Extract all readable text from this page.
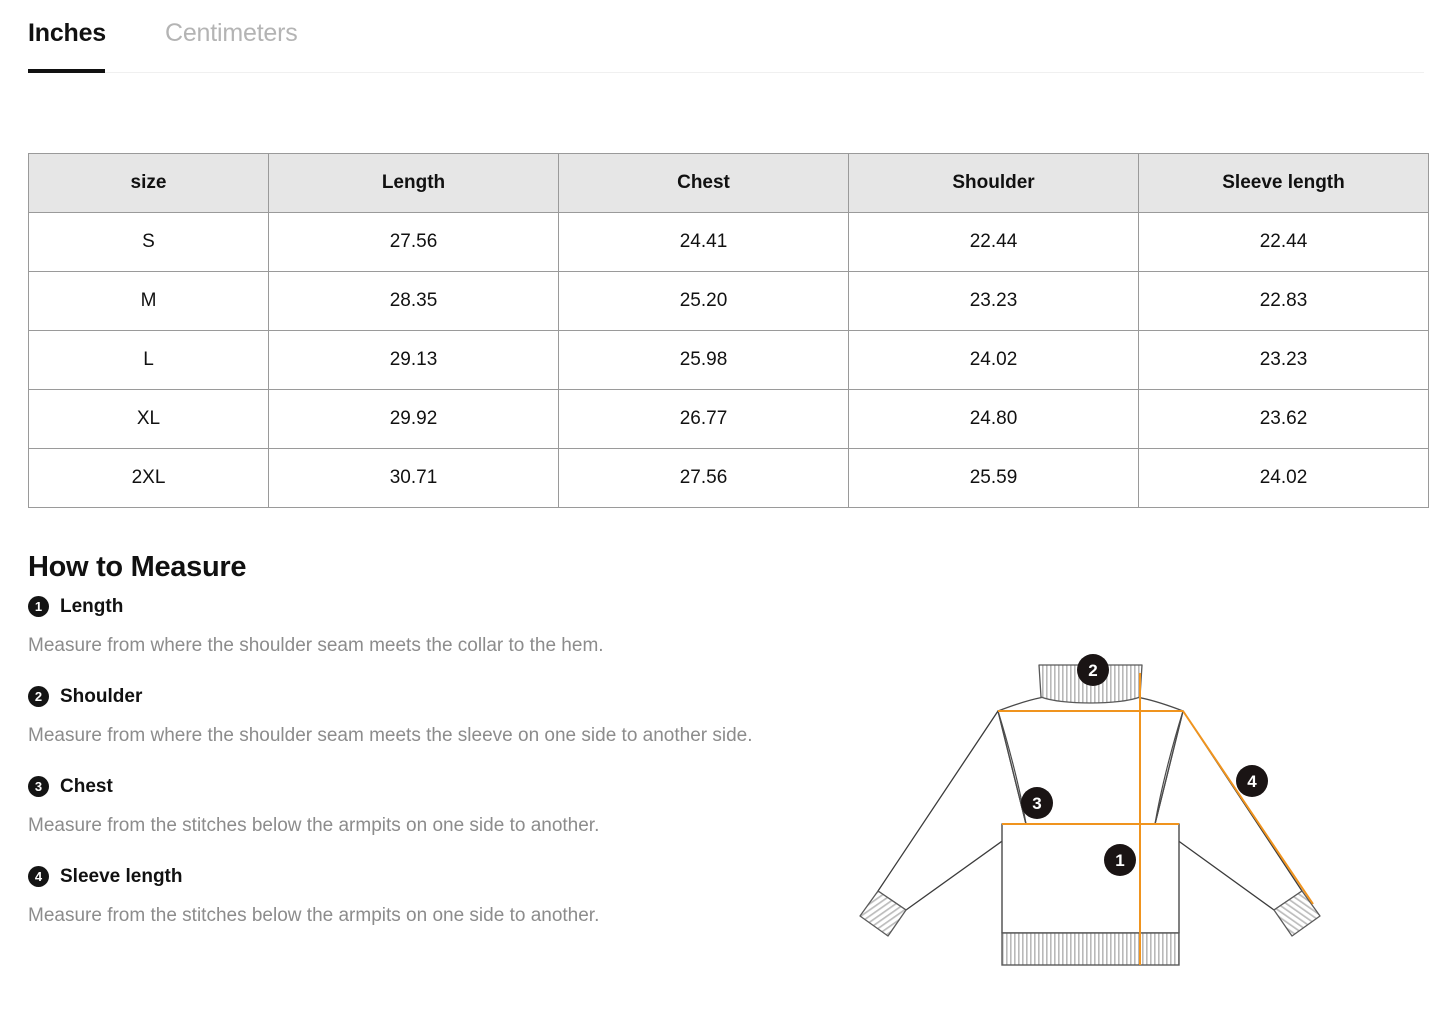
Inches Centimeters
size	Length	Chest	Shoulder	Sleeve length
S	27.56	24.41	22.44	22.44
M	28.35	25.20	23.23	22.83
L	29.13	25.98	24.02	23.23
XL	29.92	26.77	24.80	23.62
2XL	30.71	27.56	25.59	24.02
How to Measure
1 Length

Measure from where the shoulder seam meets the collar to the hem.

2 Shoulder

Measure from where the shoulder seam meets the sleeve on one side to another side.

3 Chest

Measure from the stitches below the armpits on one side to another.

4 Sleeve length

Measure from the stitches below the armpits on one side to another.

2
4
3
1
